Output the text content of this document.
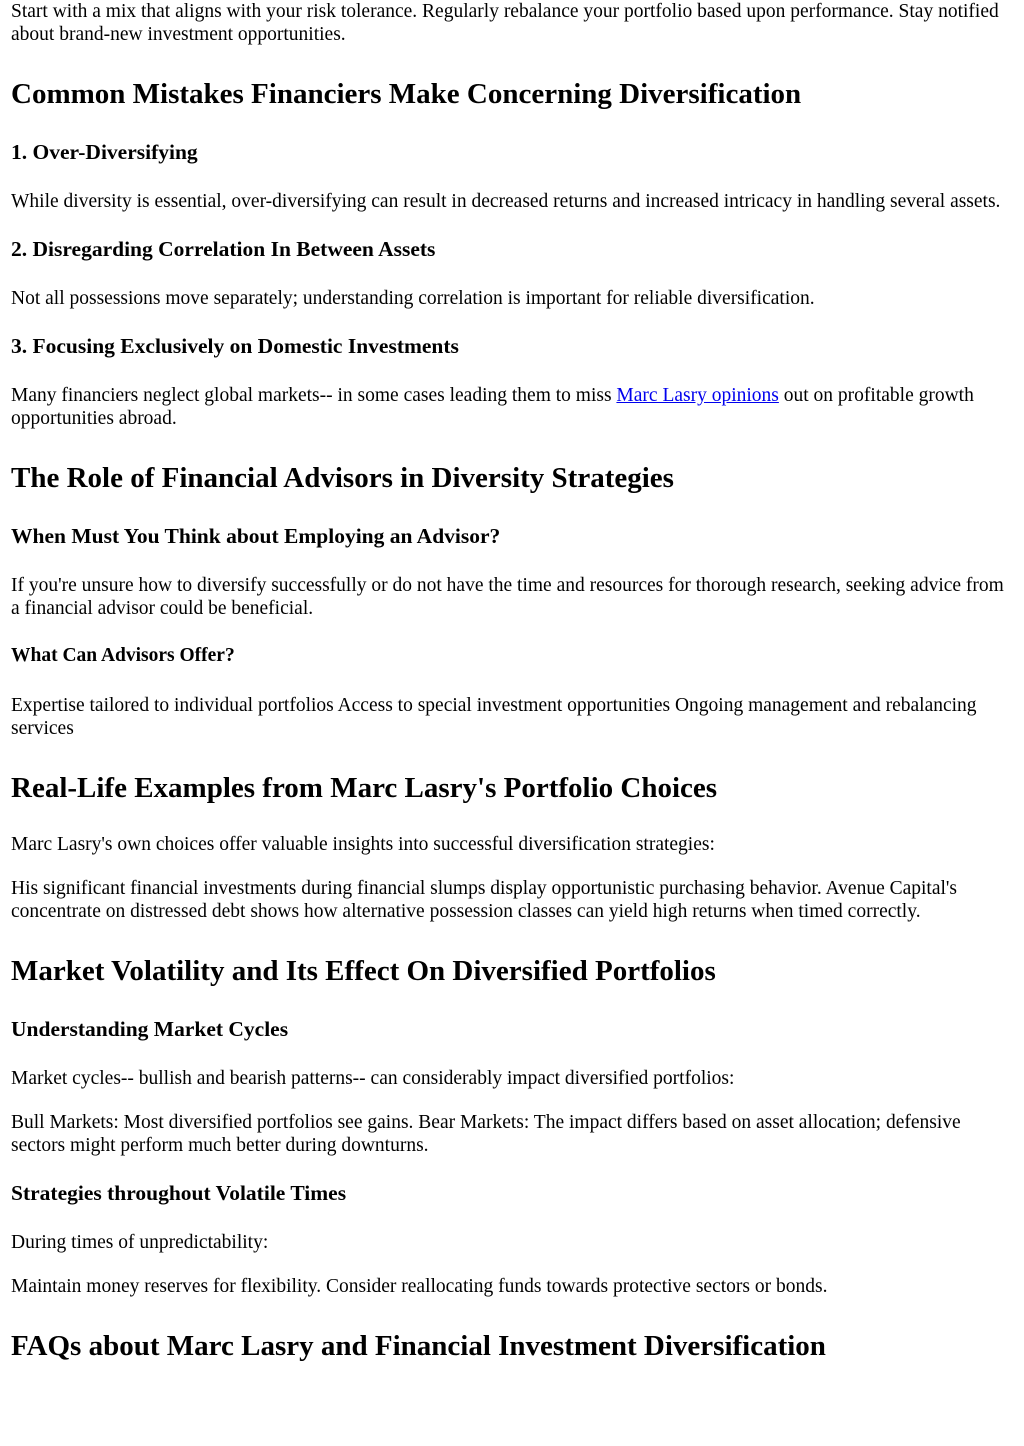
Start with a mix that aligns with your risk tolerance. Regularly rebalance your portfolio based upon performance. Stay notified about brand-new investment opportunities.

Common Mistakes Financiers Make Concerning Diversification
1. Over-Diversifying

While diversity is essential, over-diversifying can result in decreased returns and increased intricacy in handling several assets.

2. Disregarding Correlation In Between Assets

Not all possessions move separately; understanding correlation is important for reliable diversification.

3. Focusing Exclusively on Domestic Investments

Many financiers neglect global markets-- in some cases leading them to miss Marc Lasry opinions out on profitable growth opportunities abroad.

The Role of Financial Advisors in Diversity Strategies
When Must You Think about Employing an Advisor?

If you're unsure how to diversify successfully or do not have the time and resources for thorough research, seeking advice from a financial advisor could be beneficial.

What Can Advisors Offer?

Expertise tailored to individual portfolios Access to special investment opportunities Ongoing management and rebalancing services

Real-Life Examples from Marc Lasry's Portfolio Choices

Marc Lasry's own choices offer valuable insights into successful diversification strategies:

His significant financial investments during financial slumps display opportunistic purchasing behavior. Avenue Capital's concentrate on distressed debt shows how alternative possession classes can yield high returns when timed correctly.

Market Volatility and Its Effect On Diversified Portfolios
Understanding Market Cycles

Market cycles-- bullish and bearish patterns-- can considerably impact diversified portfolios:

Bull Markets: Most diversified portfolios see gains. Bear Markets: The impact differs based on asset allocation; defensive sectors might perform much better during downturns.

Strategies throughout Volatile Times

During times of unpredictability:

Maintain money reserves for flexibility. Consider reallocating funds towards protective sectors or bonds.

FAQs about Marc Lasry and Financial Investment Diversification
